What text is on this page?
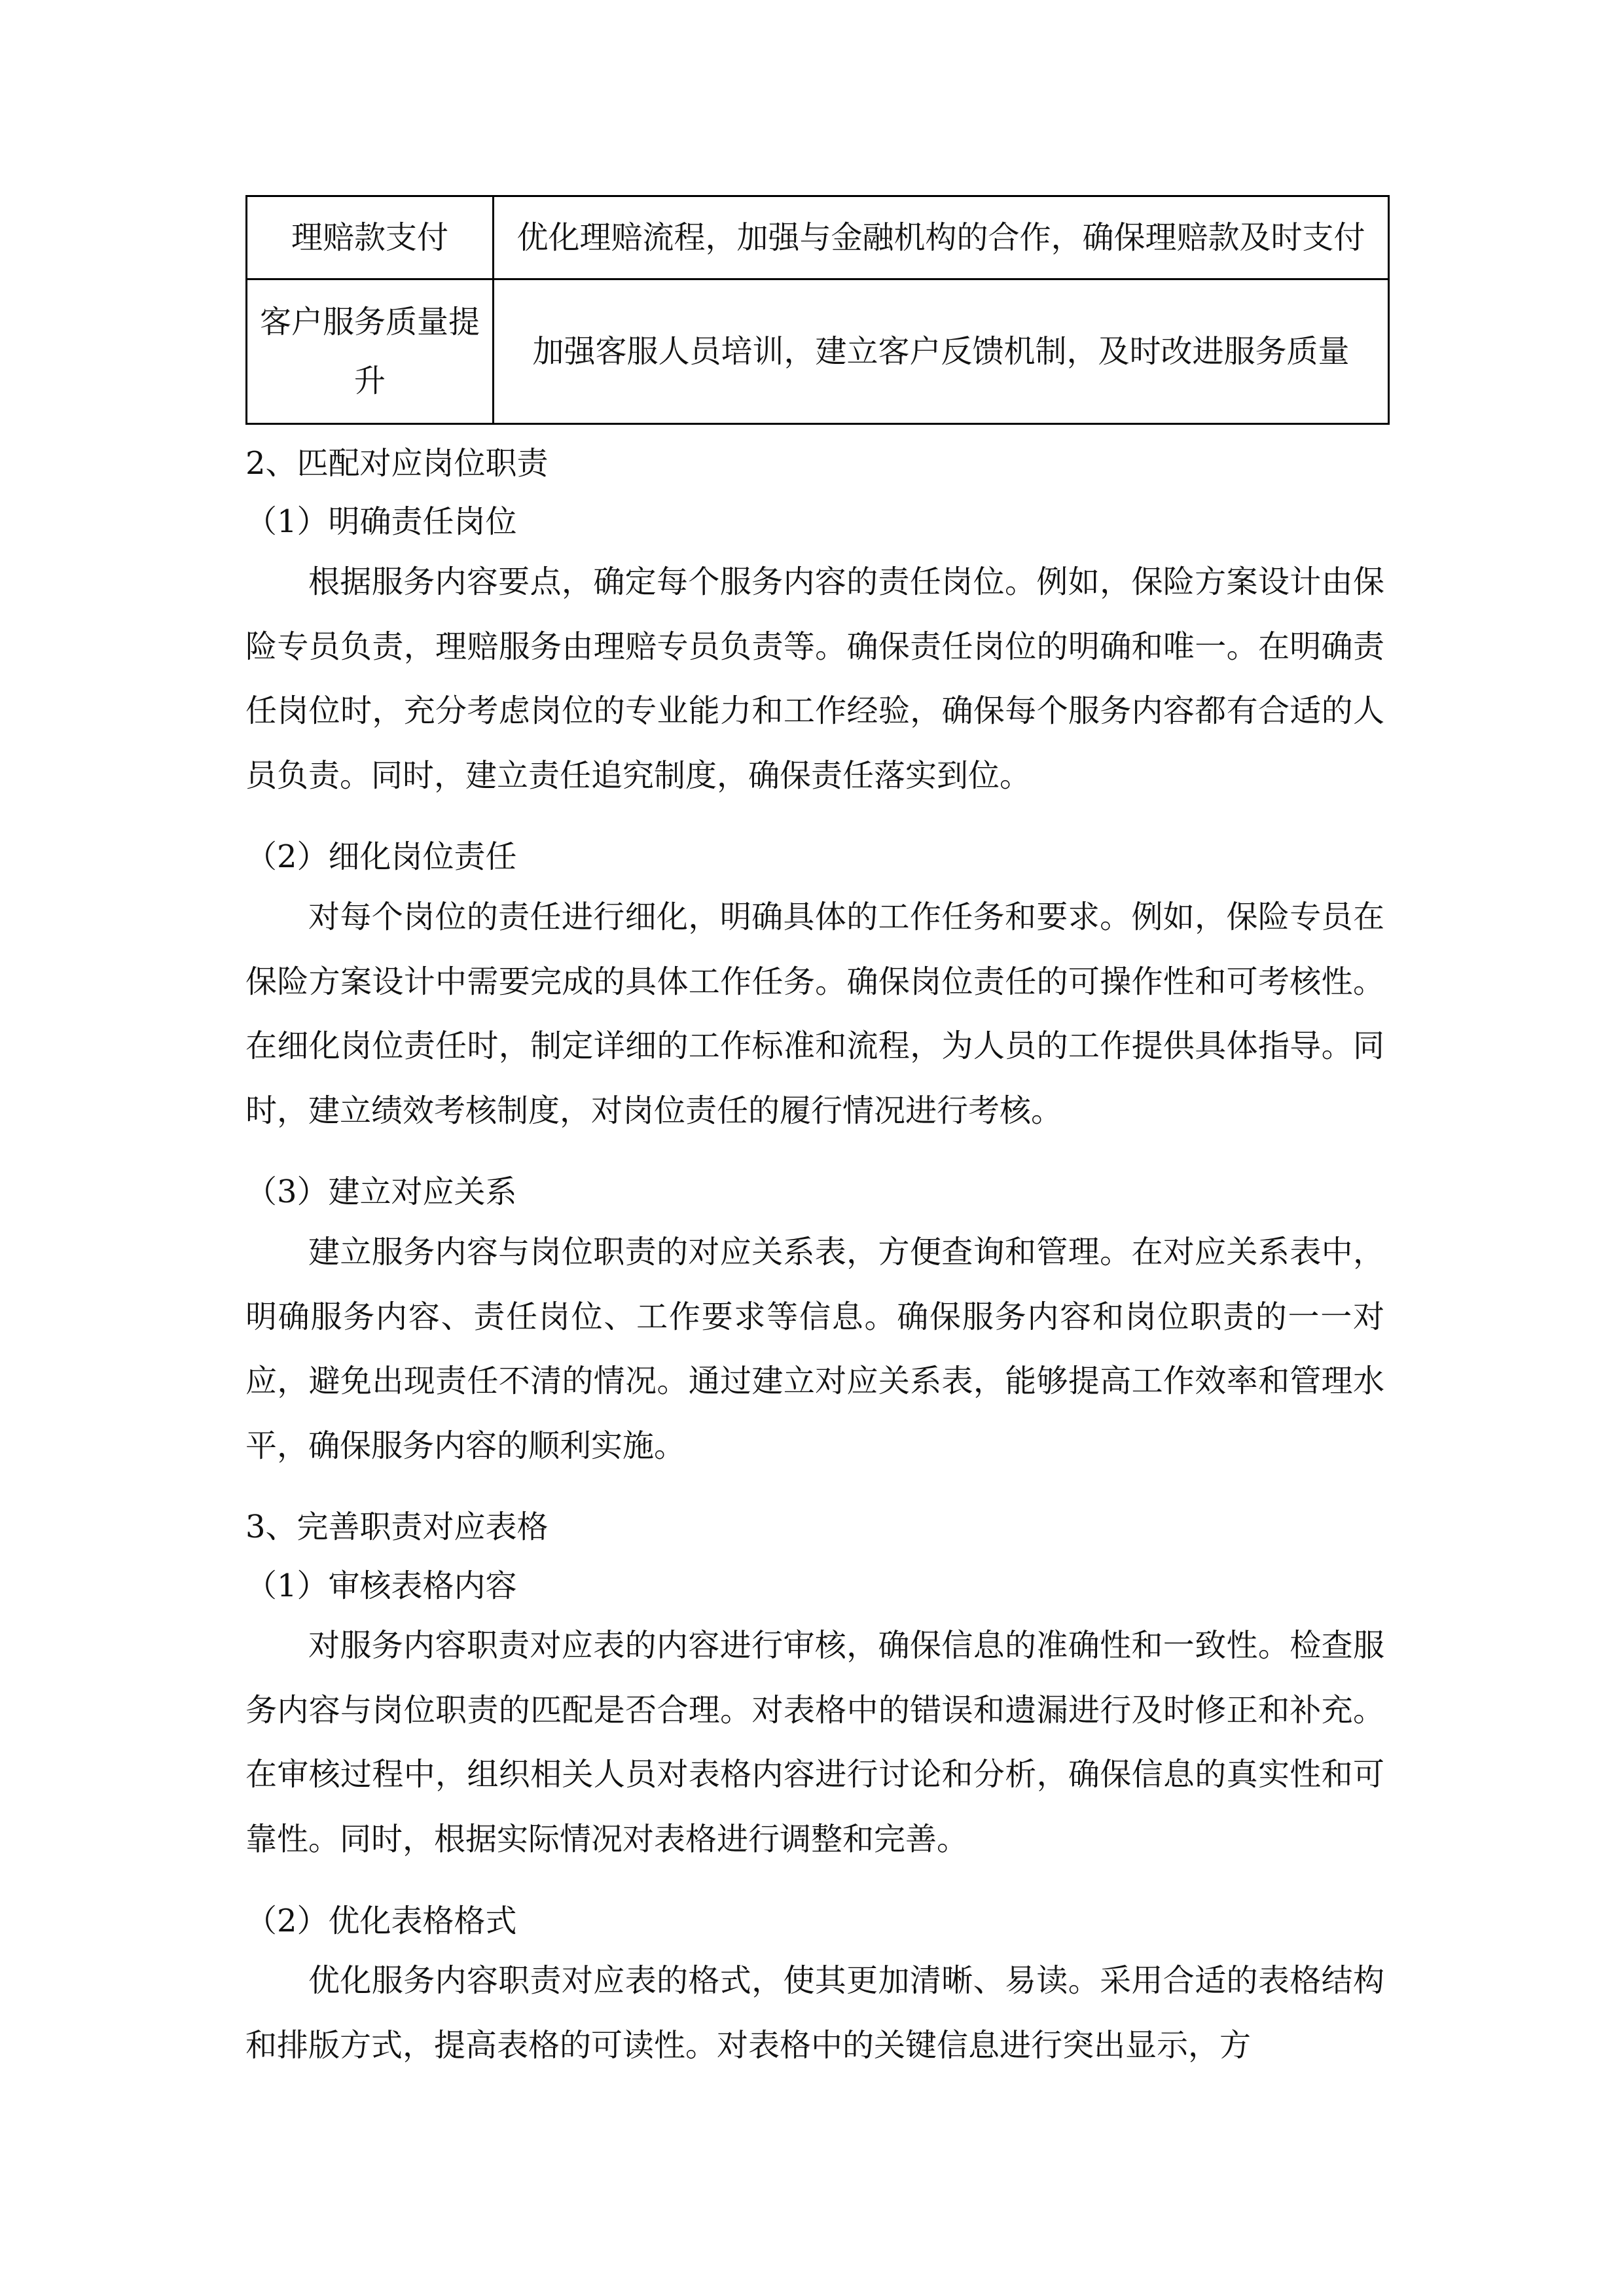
理赔款支付	优化理赔流程，加强与金融机构的合作，确保理赔款及时支付
客户服务质量提升	加强客服人员培训，建立客户反馈机制，及时改进服务质量
2、匹配对应岗位职责
（1）明确责任岗位

根据服务内容要点，确定每个服务内容的责任岗位。例如，保险方案设计由保险专员负责，理赔服务由理赔专员负责等。确保责任岗位的明确和唯一。在明确责任岗位时，充分考虑岗位的专业能力和工作经验，确保每个服务内容都有合适的人员负责。同时，建立责任追究制度，确保责任落实到位。

（2）细化岗位责任

对每个岗位的责任进行细化，明确具体的工作任务和要求。例如，保险专员在保险方案设计中需要完成的具体工作任务。确保岗位责任的可操作性和可考核性。在细化岗位责任时，制定详细的工作标准和流程，为人员的工作提供具体指导。同时，建立绩效考核制度，对岗位责任的履行情况进行考核。

（3）建立对应关系

建立服务内容与岗位职责的对应关系表，方便查询和管理。在对应关系表中，明确服务内容、责任岗位、工作要求等信息。确保服务内容和岗位职责的一一对应，避免出现责任不清的情况。通过建立对应关系表，能够提高工作效率和管理水平，确保服务内容的顺利实施。

3、完善职责对应表格
（1）审核表格内容

对服务内容职责对应表的内容进行审核，确保信息的准确性和一致性。检查服务内容与岗位职责的匹配是否合理。对表格中的错误和遗漏进行及时修正和补充。在审核过程中，组织相关人员对表格内容进行讨论和分析，确保信息的真实性和可靠性。同时，根据实际情况对表格进行调整和完善。

（2）优化表格格式

优化服务内容职责对应表的格式，使其更加清晰、易读。采用合适的表格结构和排版方式，提高表格的可读性。对表格中的关键信息进行突出显示，方
